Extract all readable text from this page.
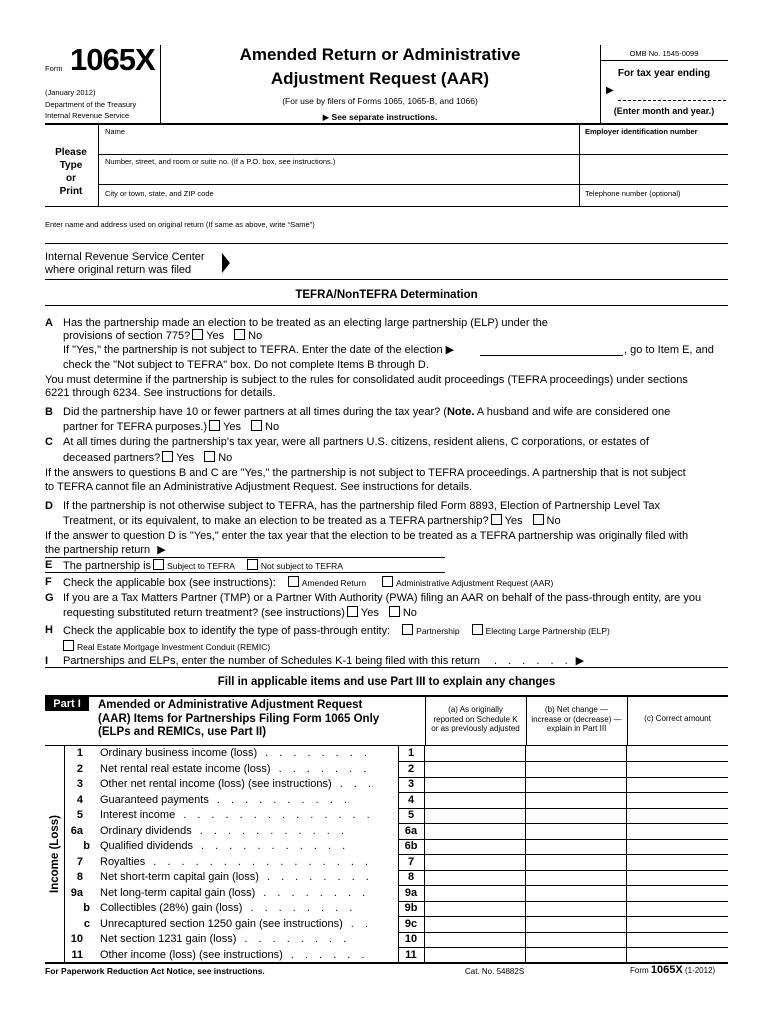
Form 1065X
(January 2012)
Department of the Treasury
Internal Revenue Service
Amended Return or Administrative
Adjustment Request (AAR)
(For use by filers of Forms 1065, 1065-B, and 1066)
▶ See separate instructions.
OMB No. 1545-0099
For tax year ending
▶
(Enter month and year.)
Please
Type
or
Print
Name	Employer identification number
Number, street, and room or suite no. (If a P.O. box, see instructions.)
City or town, state, and ZIP code	Telephone number (optional)
Enter name and address used on original return (If same as above, write “Same”)
Internal Revenue Service Center
where original return was filed
TEFRA/NonTEFRA Determination
A Has the partnership made an election to be treated as an electing large partnership (ELP) under the
provisions of section 775? Yes No
If "Yes," the partnership is not subject to TEFRA. Enter the date of the election ▶	, go to Item E, and
check the "Not subject to TEFRA" box. Do not complete Items B through D.
You must determine if the partnership is subject to the rules for consolidated audit proceedings (TEFRA proceedings) under sections
6221 through 6234. See instructions for details.
B Did the partnership have 10 or fewer partners at all times during the tax year? (Note. A husband and wife are considered one
partner for TEFRA purposes.) Yes No
C At all times during the partnership's tax year, were all partners U.S. citizens, resident aliens, C corporations, or estates of
deceased partners? Yes No
If the answers to questions B and C are "Yes," the partnership is not subject to TEFRA proceedings. A partnership that is not subject
to TEFRA cannot file an Administrative Adjustment Request. See instructions for details.
D If the partnership is not otherwise subject to TEFRA, has the partnership filed Form 8893, Election of Partnership Level Tax
Treatment, or its equivalent, to make an election to be treated as a TEFRA partnership? Yes No
If the answer to question D is "Yes," enter the tax year that the election to be treated as a TEFRA partnership was originally filed with
the partnership return ▶
E The partnership is Subject to TEFRA	Not subject to TEFRA
F Check the applicable box (see instructions):	Amended Return	Administrative Adjustment Request (AAR)
G If you are a Tax Matters Partner (TMP) or a Partner With Authority (PWA) filing an AAR on behalf of the pass-through entity, are you
requesting substituted return treatment? (see instructions) Yes No
H Check the applicable box to identify the type of pass-through entity:	Partnership	Electing Large Partnership (ELP)
Real Estate Mortgage Investment Conduit (REMIC)
I Partnerships and ELPs, enter the number of Schedules K-1 being filed with this return . . . . . . ▶
Fill in applicable items and use Part III to explain any changes
Part I	Amended or Administrative Adjustment Request
(AAR) Items for Partnerships Filing Form 1065 Only
(ELPs and REMICs, use Part II)
(a) As originally
reported on Schedule K
or as previously adjusted
(b) Net change —
increase or (decrease) —
explain in Part III
(c) Correct amount
Income (Loss)
1 Ordinary business income (loss) . . . . . . . .	1
2 Net rental real estate income (loss) . . . . . . .	2
3 Other net rental income (loss) (see instructions) . . .	3
4 Guaranteed payments . . . . . . . . . .	4
5 Interest income . . . . . . . . . . . . . .	5
6a Ordinary dividends . . . . . . . . . . .	6a
b Qualified dividends . . . . . . . . . . .	6b
7 Royalties . . . . . . . . . . . . . . . .	7
8 Net short-term capital gain (loss) . . . . . . . .	8
9a Net long-term capital gain (loss) . . . . . . . .	9a
b Collectibles (28%) gain (loss) . . . . . . . .	9b
c Unrecaptured section 1250 gain (see instructions) . .	9c
10 Net section 1231 gain (loss) . . . . . . . .	10
11 Other income (loss) (see instructions) . . . . . .	11
For Paperwork Reduction Act Notice, see instructions.	Cat. No. 54882S	Form 1065X (1-2012)
